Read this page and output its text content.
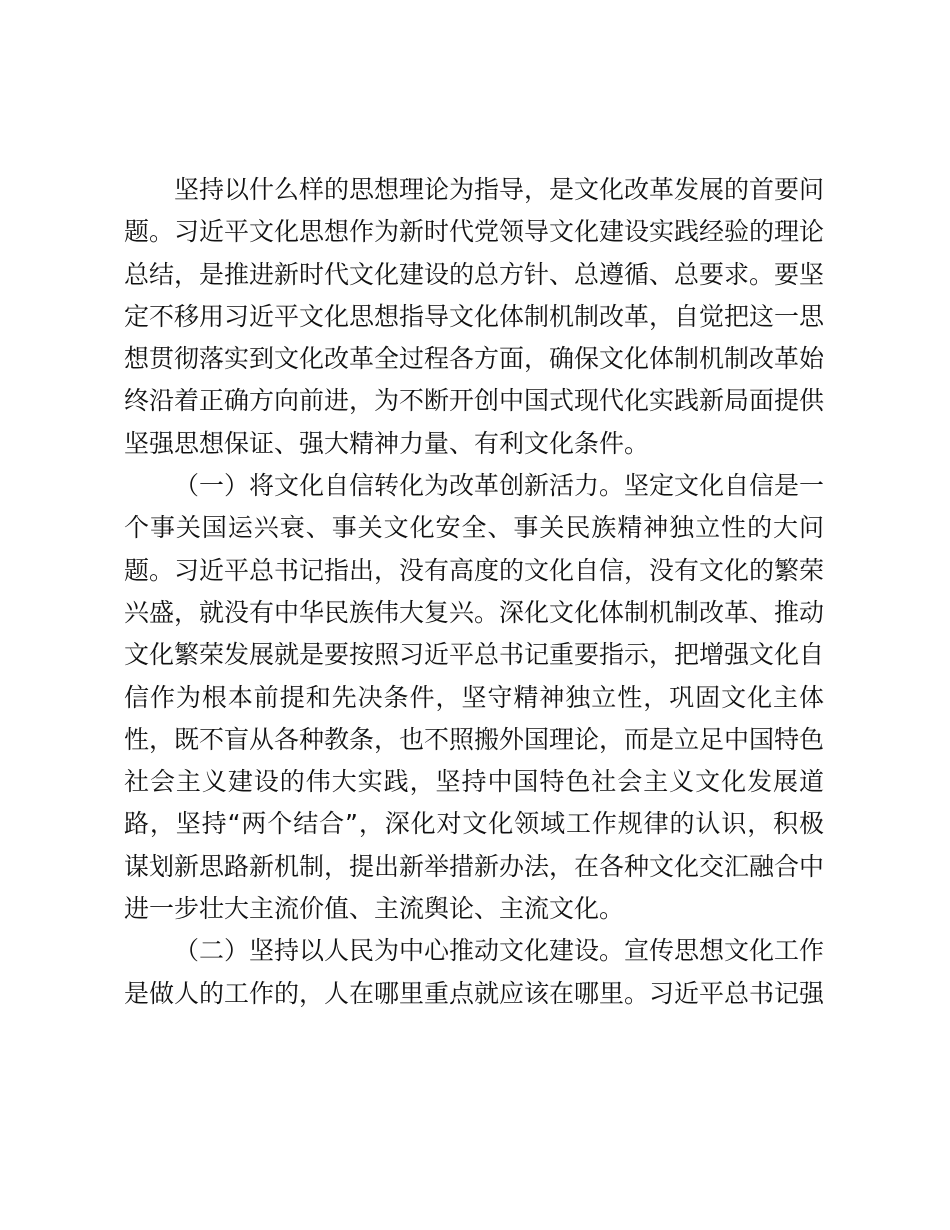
坚持以什么样的思想理论为指导，是文化改革发展的首要问题。习近平文化思想作为新时代党领导文化建设实践经验的理论总结，是推进新时代文化建设的总方针、总遵循、总要求。要坚定不移用习近平文化思想指导文化体制机制改革，自觉把这一思想贯彻落实到文化改革全过程各方面，确保文化体制机制改革始终沿着正确方向前进，为不断开创中国式现代化实践新局面提供坚强思想保证、强大精神力量、有利文化条件。

（一）将文化自信转化为改革创新活力。坚定文化自信是一个事关国运兴衰、事关文化安全、事关民族精神独立性的大问题。习近平总书记指出，没有高度的文化自信，没有文化的繁荣兴盛，就没有中华民族伟大复兴。深化文化体制机制改革、推动文化繁荣发展就是要按照习近平总书记重要指示，把增强文化自信作为根本前提和先决条件，坚守精神独立性，巩固文化主体性，既不盲从各种教条，也不照搬外国理论，而是立足中国特色社会主义建设的伟大实践，坚持中国特色社会主义文化发展道路，坚持“两个结合”，深化对文化领域工作规律的认识，积极谋划新思路新机制，提出新举措新办法，在各种文化交汇融合中进一步壮大主流价值、主流舆论、主流文化。

（二）坚持以人民为中心推动文化建设。宣传思想文化工作是做人的工作的，人在哪里重点就应该在哪里。习近平总书记强
